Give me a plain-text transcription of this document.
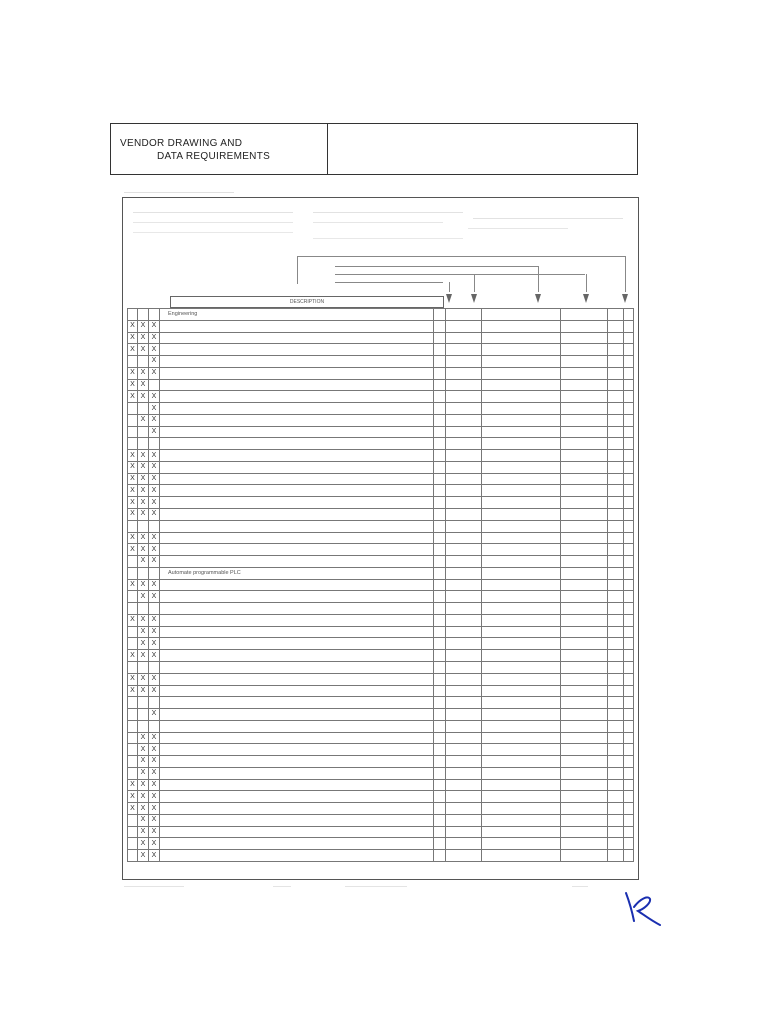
VENDOR DRAWING AND
DATA REQUIREMENTS
DESCRIPTION
			Engineering						
X	X	X							
X	X	X							
X	X	X							
		X							
X	X	X							
X	X								
X	X	X							
		X							
	X	X							
		X							

X	X	X							
X	X	X							
X	X	X							
X	X	X							
X	X	X							
X	X	X							

X	X	X							
X	X	X							
	X	X							
			Automate programmable PLC						
X	X	X							
	X	X							

X	X	X							
	X	X							
	X	X							
X	X	X							

X	X	X							
X	X	X							

		X							

	X	X							
	X	X							
	X	X							
	X	X							
X	X	X							
X	X	X							
X	X	X							
	X	X							
	X	X							
	X	X							
	X	X							
